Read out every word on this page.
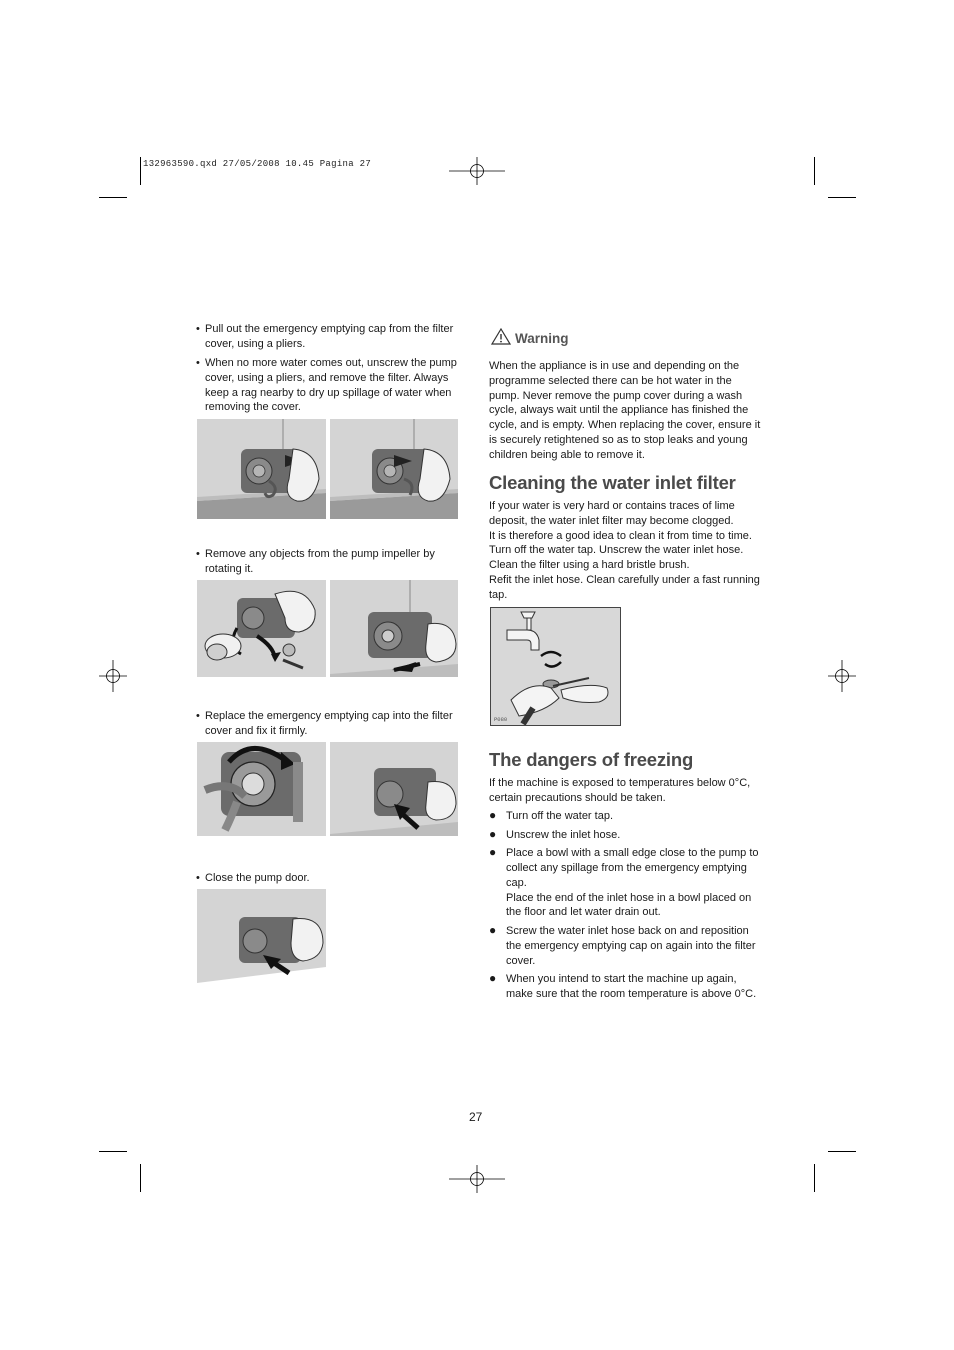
132963590.qxd 27/05/2008 10.45 Pagina 27
• Pull out the emergency emptying cap from the filter cover, using a pliers.
• When no more water comes out, unscrew the pump cover, using a pliers, and remove the filter. Always keep a rag nearby to dry up spillage of water when removing the cover.
• Remove any objects from the pump impeller by rotating it.
• Replace the emergency emptying cap into the filter cover and fix it firmly.
• Close the pump door.
Warning
When the appliance is in use and depending on the programme selected there can be hot water in the pump. Never remove the pump cover during a wash cycle, always wait until the appliance has finished the cycle, and is empty. When replacing the cover, ensure it is securely retightened so as to stop leaks and young children being able to remove it.
Cleaning the water inlet filter
If your water is very hard or contains traces of lime deposit, the water inlet filter may become clogged.
It is therefore a good idea to clean it from time to time.
Turn off the water tap. Unscrew the water inlet hose.
Clean the filter using a hard bristle brush.
Refit the inlet hose. Clean carefully under a fast running tap.
P080
The dangers of freezing
If the machine is exposed to temperatures below 0°C, certain precautions should be taken.
● Turn off the water tap.
● Unscrew the inlet hose.
● Place a bowl with a small edge close to the pump to collect any spillage from the emergency emptying cap.
Place the end of the inlet hose in a bowl placed on the floor and let water drain out.
● Screw the water inlet hose back on and reposition the emergency emptying cap on again into the filter cover.
● When you intend to start the machine up again, make sure that the room temperature is above 0°C.
27
